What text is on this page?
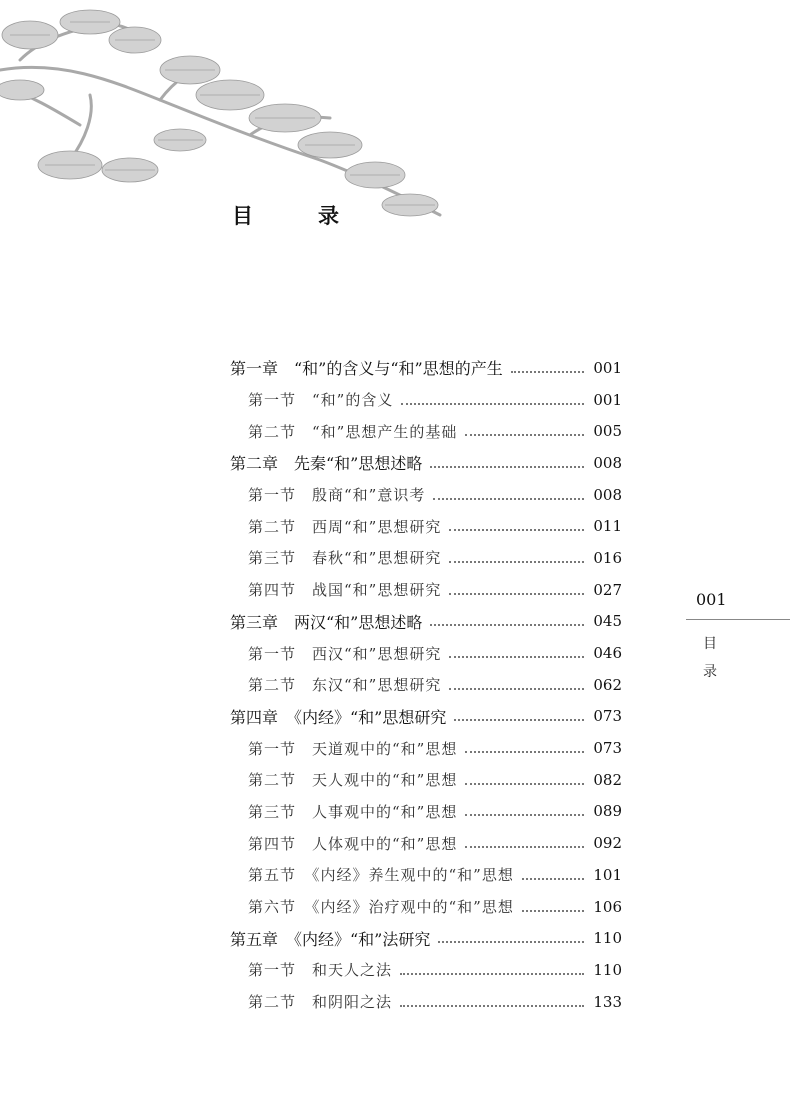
目　录
第一章　“和”的含义与“和”思想的产生	001
第一节　“和”的含义	001
第二节　“和”思想产生的基础	005
第二章　先秦“和”思想述略	008
第一节　殷商“和”意识考	008
第二节　西周“和”思想研究	011
第三节　春秋“和”思想研究	016
第四节　战国“和”思想研究	027
第三章　两汉“和”思想述略	045
第一节　西汉“和”思想研究	046
第二节　东汉“和”思想研究	062
第四章　《内经》“和”思想研究	073
第一节　天道观中的“和”思想	073
第二节　天人观中的“和”思想	082
第三节　人事观中的“和”思想	089
第四节　人体观中的“和”思想	092
第五节　《内经》养生观中的“和”思想	101
第六节　《内经》治疗观中的“和”思想	106
第五章　《内经》“和”法研究	110
第一节　和天人之法	110
第二节　和阴阳之法	133
001
目
录
